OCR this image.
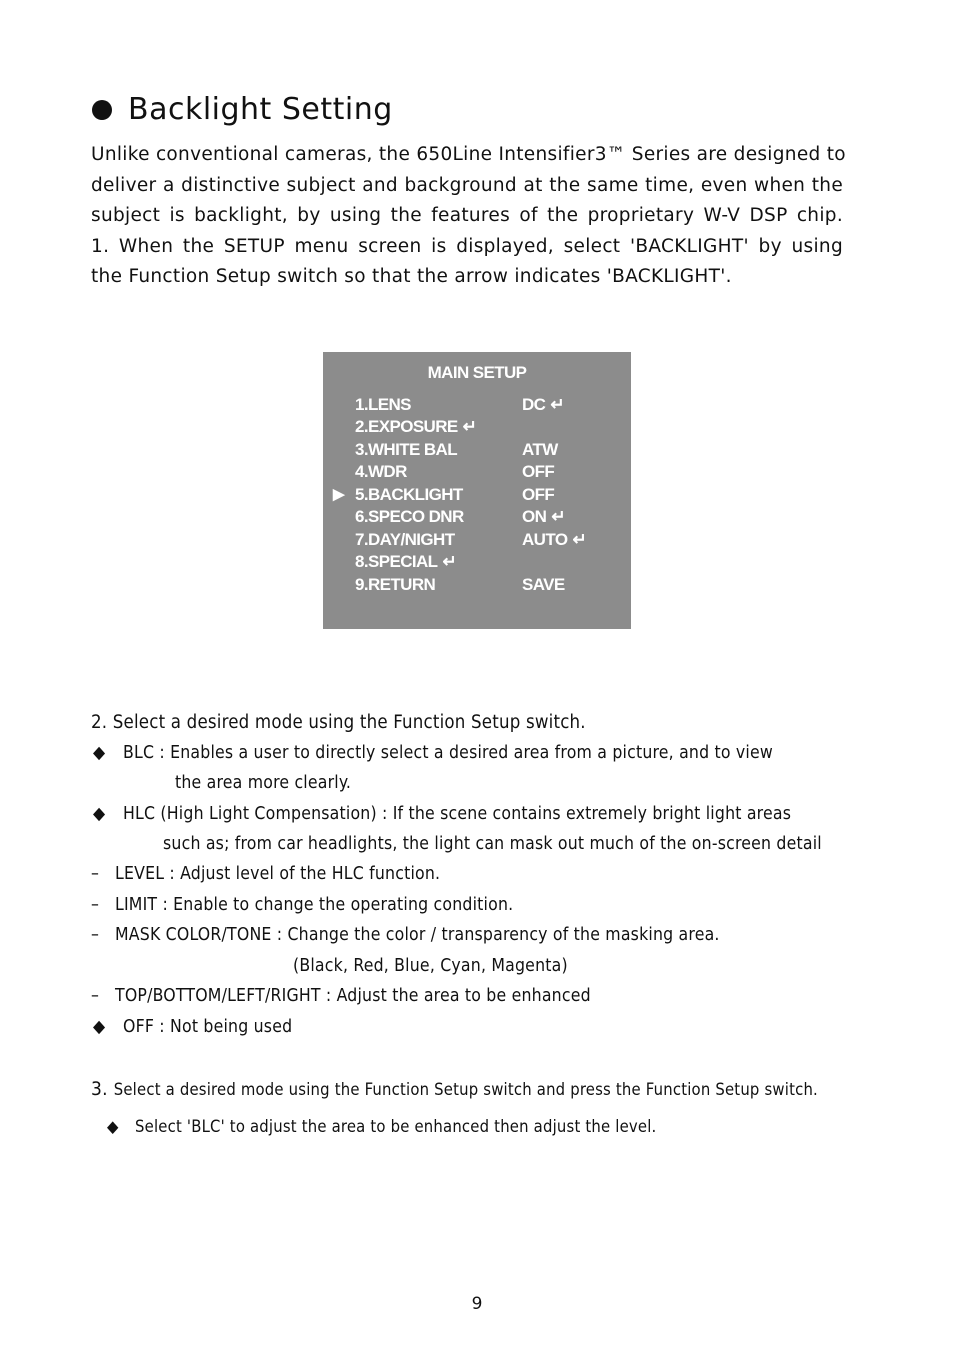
Backlight Setting
Unlike conventional cameras, the 650Line Intensifier3™ Series are designed to
deliver a distinctive subject and background at the same time, even when the
subject is backlight, by using the features of the proprietary W-V DSP chip.
1. When the SETUP menu screen is displayed, select 'BACKLIGHT' by using
the Function Setup switch so that the arrow indicates 'BACKLIGHT'.
MAIN SETUP
1.LENS	DC ↵
2.EXPOSURE ↵
3.WHITE BAL	ATW
4.WDR	OFF
▶ 5.BACKLIGHT	OFF
6.SPECO DNR	ON ↵
7.DAY/NIGHT	AUTO ↵
8.SPECIAL ↵
9.RETURN	SAVE
2. Select a desired mode using the Function Setup switch.
◆ BLC : Enables a user to directly select a desired area from a picture, and to view
the area more clearly.
◆ HLC (High Light Compensation) : If the scene contains extremely bright light areas
such as; from car headlights, the light can mask out much of the on-screen detail
– LEVEL : Adjust level of the HLC function.
– LIMIT : Enable to change the operating condition.
– MASK COLOR/TONE : Change the color / transparency of the masking area.
(Black, Red, Blue, Cyan, Magenta)
– TOP/BOTTOM/LEFT/RIGHT : Adjust the area to be enhanced
◆ OFF : Not being used
3. Select a desired mode using the Function Setup switch and press the Function Setup switch.
◆ Select 'BLC' to adjust the area to be enhanced then adjust the level.
9
